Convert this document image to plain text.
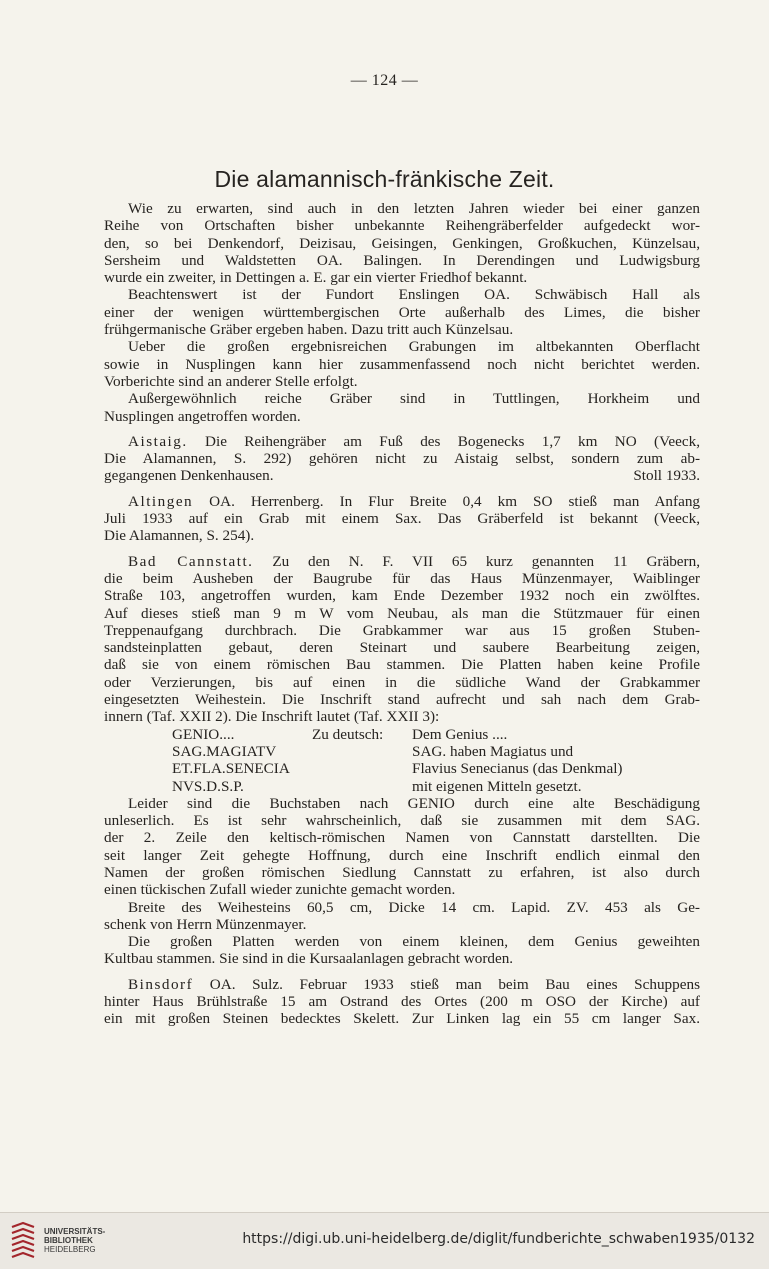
— 124 —
Die alamannisch-fränkische Zeit.
Wie zu erwarten, sind auch in den letzten Jahren wieder bei einer ganzen
Reihe von Ortschaften bisher unbekannte Reihengräberfelder aufgedeckt wor-
den, so bei Denkendorf, Deizisau, Geisingen, Genkingen, Großkuchen, Künzelsau,
Sersheim und Waldstetten OA. Balingen. In Derendingen und Ludwigsburg
wurde ein zweiter, in Dettingen a. E. gar ein vierter Friedhof bekannt.
Beachtenswert ist der Fundort Enslingen OA. Schwäbisch Hall als
einer der wenigen württembergischen Orte außerhalb des Limes, die bisher
frühgermanische Gräber ergeben haben. Dazu tritt auch Künzelsau.
Ueber die großen ergebnisreichen Grabungen im altbekannten Oberflacht
sowie in Nusplingen kann hier zusammenfassend noch nicht berichtet werden.
Vorberichte sind an anderer Stelle erfolgt.
Außergewöhnlich reiche Gräber sind in Tuttlingen, Horkheim und
Nusplingen angetroffen worden.
Aistaig. Die Reihengräber am Fuß des Bogenecks 1,7 km NO (Veeck,
Die Alamannen, S. 292) gehören nicht zu Aistaig selbst, sondern zum ab-
gegangenen Denkenhausen.	Stoll 1933.
Altingen OA. Herrenberg. In Flur Breite 0,4 km SO stieß man Anfang
Juli 1933 auf ein Grab mit einem Sax. Das Gräberfeld ist bekannt (Veeck,
Die Alamannen, S. 254).
Bad Cannstatt. Zu den N. F. VII 65 kurz genannten 11 Gräbern,
die beim Ausheben der Baugrube für das Haus Münzenmayer, Waiblinger
Straße 103, angetroffen wurden, kam Ende Dezember 1932 noch ein zwölftes.
Auf dieses stieß man 9 m W vom Neubau, als man die Stützmauer für einen
Treppenaufgang durchbrach. Die Grabkammer war aus 15 großen Stuben-
sandsteinplatten gebaut, deren Steinart und saubere Bearbeitung zeigen,
daß sie von einem römischen Bau stammen. Die Platten haben keine Profile
oder Verzierungen, bis auf einen in die südliche Wand der Grabkammer
eingesetzten Weihestein. Die Inschrift stand aufrecht und sah nach dem Grab-
innern (Taf. XXII 2). Die Inschrift lautet (Taf. XXII 3):
GENIO....	Zu deutsch: Dem Genius ....
SAG.MAGIATV	SAG. haben Magiatus und
ET.FLA.SENECIA	Flavius Senecianus (das Denkmal)
NVS.D.S.P.	mit eigenen Mitteln gesetzt.
Leider sind die Buchstaben nach GENIO durch eine alte Beschädigung
unleserlich. Es ist sehr wahrscheinlich, daß sie zusammen mit dem SAG.
der 2. Zeile den keltisch-römischen Namen von Cannstatt darstellten. Die
seit langer Zeit gehegte Hoffnung, durch eine Inschrift endlich einmal den
Namen der großen römischen Siedlung Cannstatt zu erfahren, ist also durch
einen tückischen Zufall wieder zunichte gemacht worden.
Breite des Weihesteins 60,5 cm, Dicke 14 cm. Lapid. ZV. 453 als Ge-
schenk von Herrn Münzenmayer.
Die großen Platten werden von einem kleinen, dem Genius geweihten
Kultbau stammen. Sie sind in die Kursaalanlagen gebracht worden.
Binsdorf OA. Sulz. Februar 1933 stieß man beim Bau eines Schuppens
hinter Haus Brühlstraße 15 am Ostrand des Ortes (200 m OSO der Kirche) auf
ein mit großen Steinen bedecktes Skelett. Zur Linken lag ein 55 cm langer Sax.
UNIVERSITÄTS-
BIBLIOTHEK
HEIDELBERG
https://digi.ub.uni-heidelberg.de/diglit/fundberichte_schwaben1935/0132
